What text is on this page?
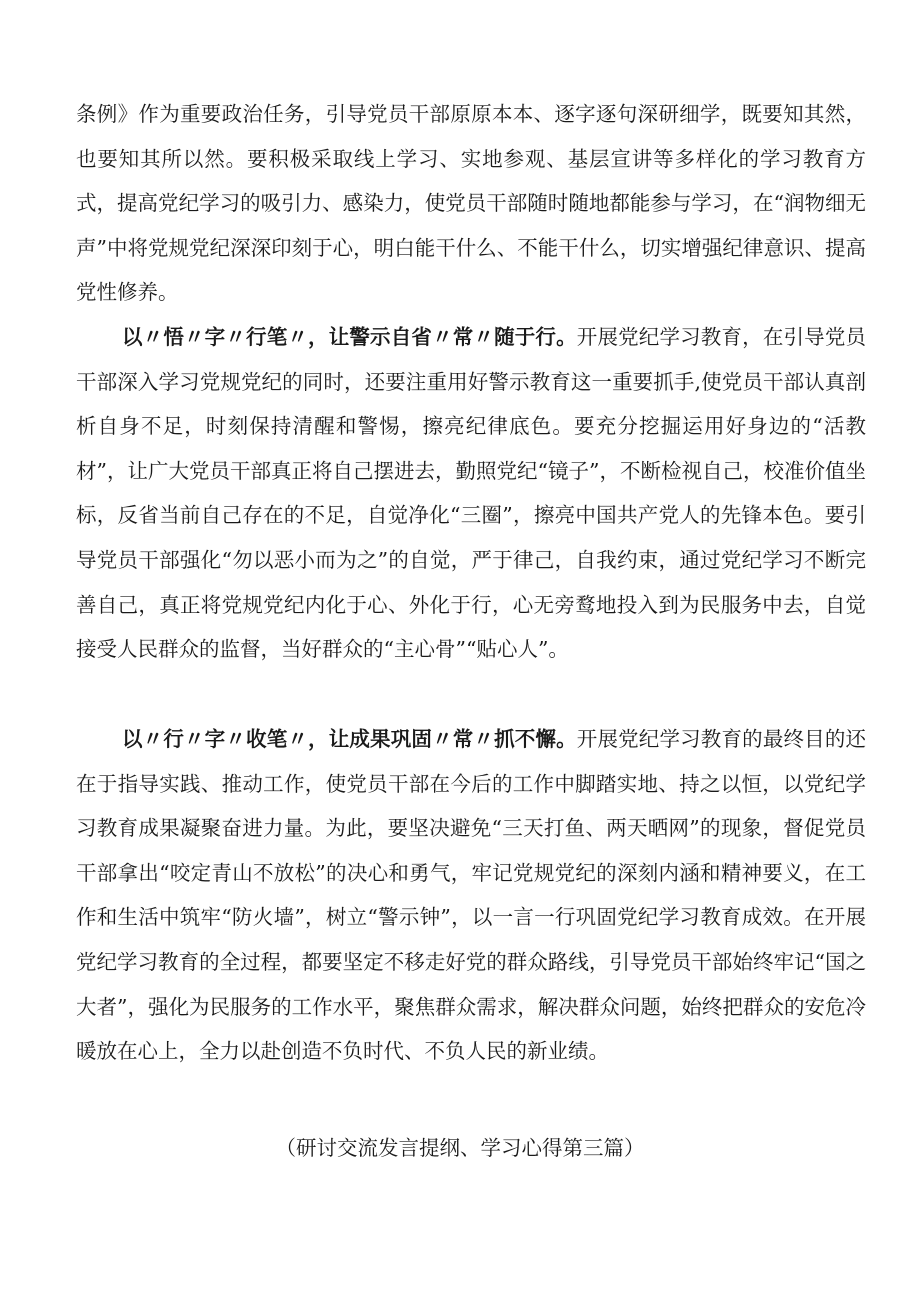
条例》作为重要政治任务，引导党员干部原原本本、逐字逐句深研细学，既要知其然，也要知其所以然。要积极采取线上学习、实地参观、基层宣讲等多样化的学习教育方式，提高党纪学习的吸引力、感染力，使党员干部随时随地都能参与学习，在“润物细无声”中将党规党纪深深印刻于心，明白能干什么、不能干什么，切实增强纪律意识、提高党性修养。

以〃悟〃字〃行笔〃，让警示自省〃常〃随于行。开展党纪学习教育，在引导党员干部深入学习党规党纪的同时，还要注重用好警示教育这一重要抓手,使党员干部认真剖析自身不足，时刻保持清醒和警惕，擦亮纪律底色。要充分挖掘运用好身边的“活教材”，让广大党员干部真正将自己摆进去，勤照党纪“镜子”，不断检视自己，校准价值坐标，反省当前自己存在的不足，自觉净化“三圈”，擦亮中国共产党人的先锋本色。要引导党员干部强化“勿以恶小而为之”的自觉，严于律己，自我约束，通过党纪学习不断完善自己，真正将党规党纪内化于心、外化于行，心无旁鹜地投入到为民服务中去，自觉接受人民群众的监督，当好群众的“主心骨”“贴心人”。

以〃行〃字〃收笔〃，让成果巩固〃常〃抓不懈。开展党纪学习教育的最终目的还在于指导实践、推动工作，使党员干部在今后的工作中脚踏实地、持之以恒，以党纪学习教育成果凝聚奋进力量。为此，要坚决避免“三天打鱼、两天晒网”的现象，督促党员干部拿出“咬定青山不放松”的决心和勇气，牢记党规党纪的深刻内涵和精神要义，在工作和生活中筑牢“防火墙”，树立“警示钟”，以一言一行巩固党纪学习教育成效。在开展党纪学习教育的全过程，都要坚定不移走好党的群众路线，引导党员干部始终牢记“国之大者”，强化为民服务的工作水平，聚焦群众需求，解决群众问题，始终把群众的安危冷暖放在心上，全力以赴创造不负时代、不负人民的新业绩。

（研讨交流发言提纲、学习心得第三篇）
